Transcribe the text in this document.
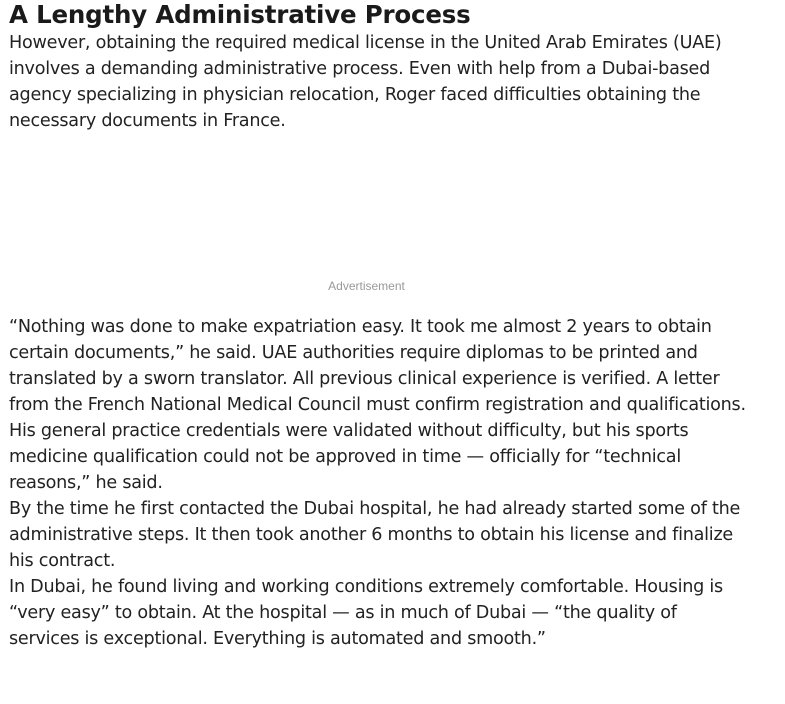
A Lengthy Administrative Process

However, obtaining the required medical license in the United Arab Emirates (UAE) involves a demanding administrative process. Even with help from a Dubai-based agency specializing in physician relocation, Roger faced difficulties obtaining the necessary documents in France.

Advertisement

“Nothing was done to make expatriation easy. It took me almost 2 years to obtain certain documents,” he said. UAE authorities require diplomas to be printed and translated by a sworn translator. All previous clinical experience is verified. A letter from the French National Medical Council must confirm registration and qualifications. His general practice credentials were validated without difficulty, but his sports medicine qualification could not be approved in time — officially for “technical reasons,” he said.

By the time he first contacted the Dubai hospital, he had already started some of the administrative steps. It then took another 6 months to obtain his license and finalize his contract.

In Dubai, he found living and working conditions extremely comfortable. Housing is “very easy” to obtain. At the hospital — as in much of Dubai — “the quality of services is exceptional. Everything is automated and smooth.”
